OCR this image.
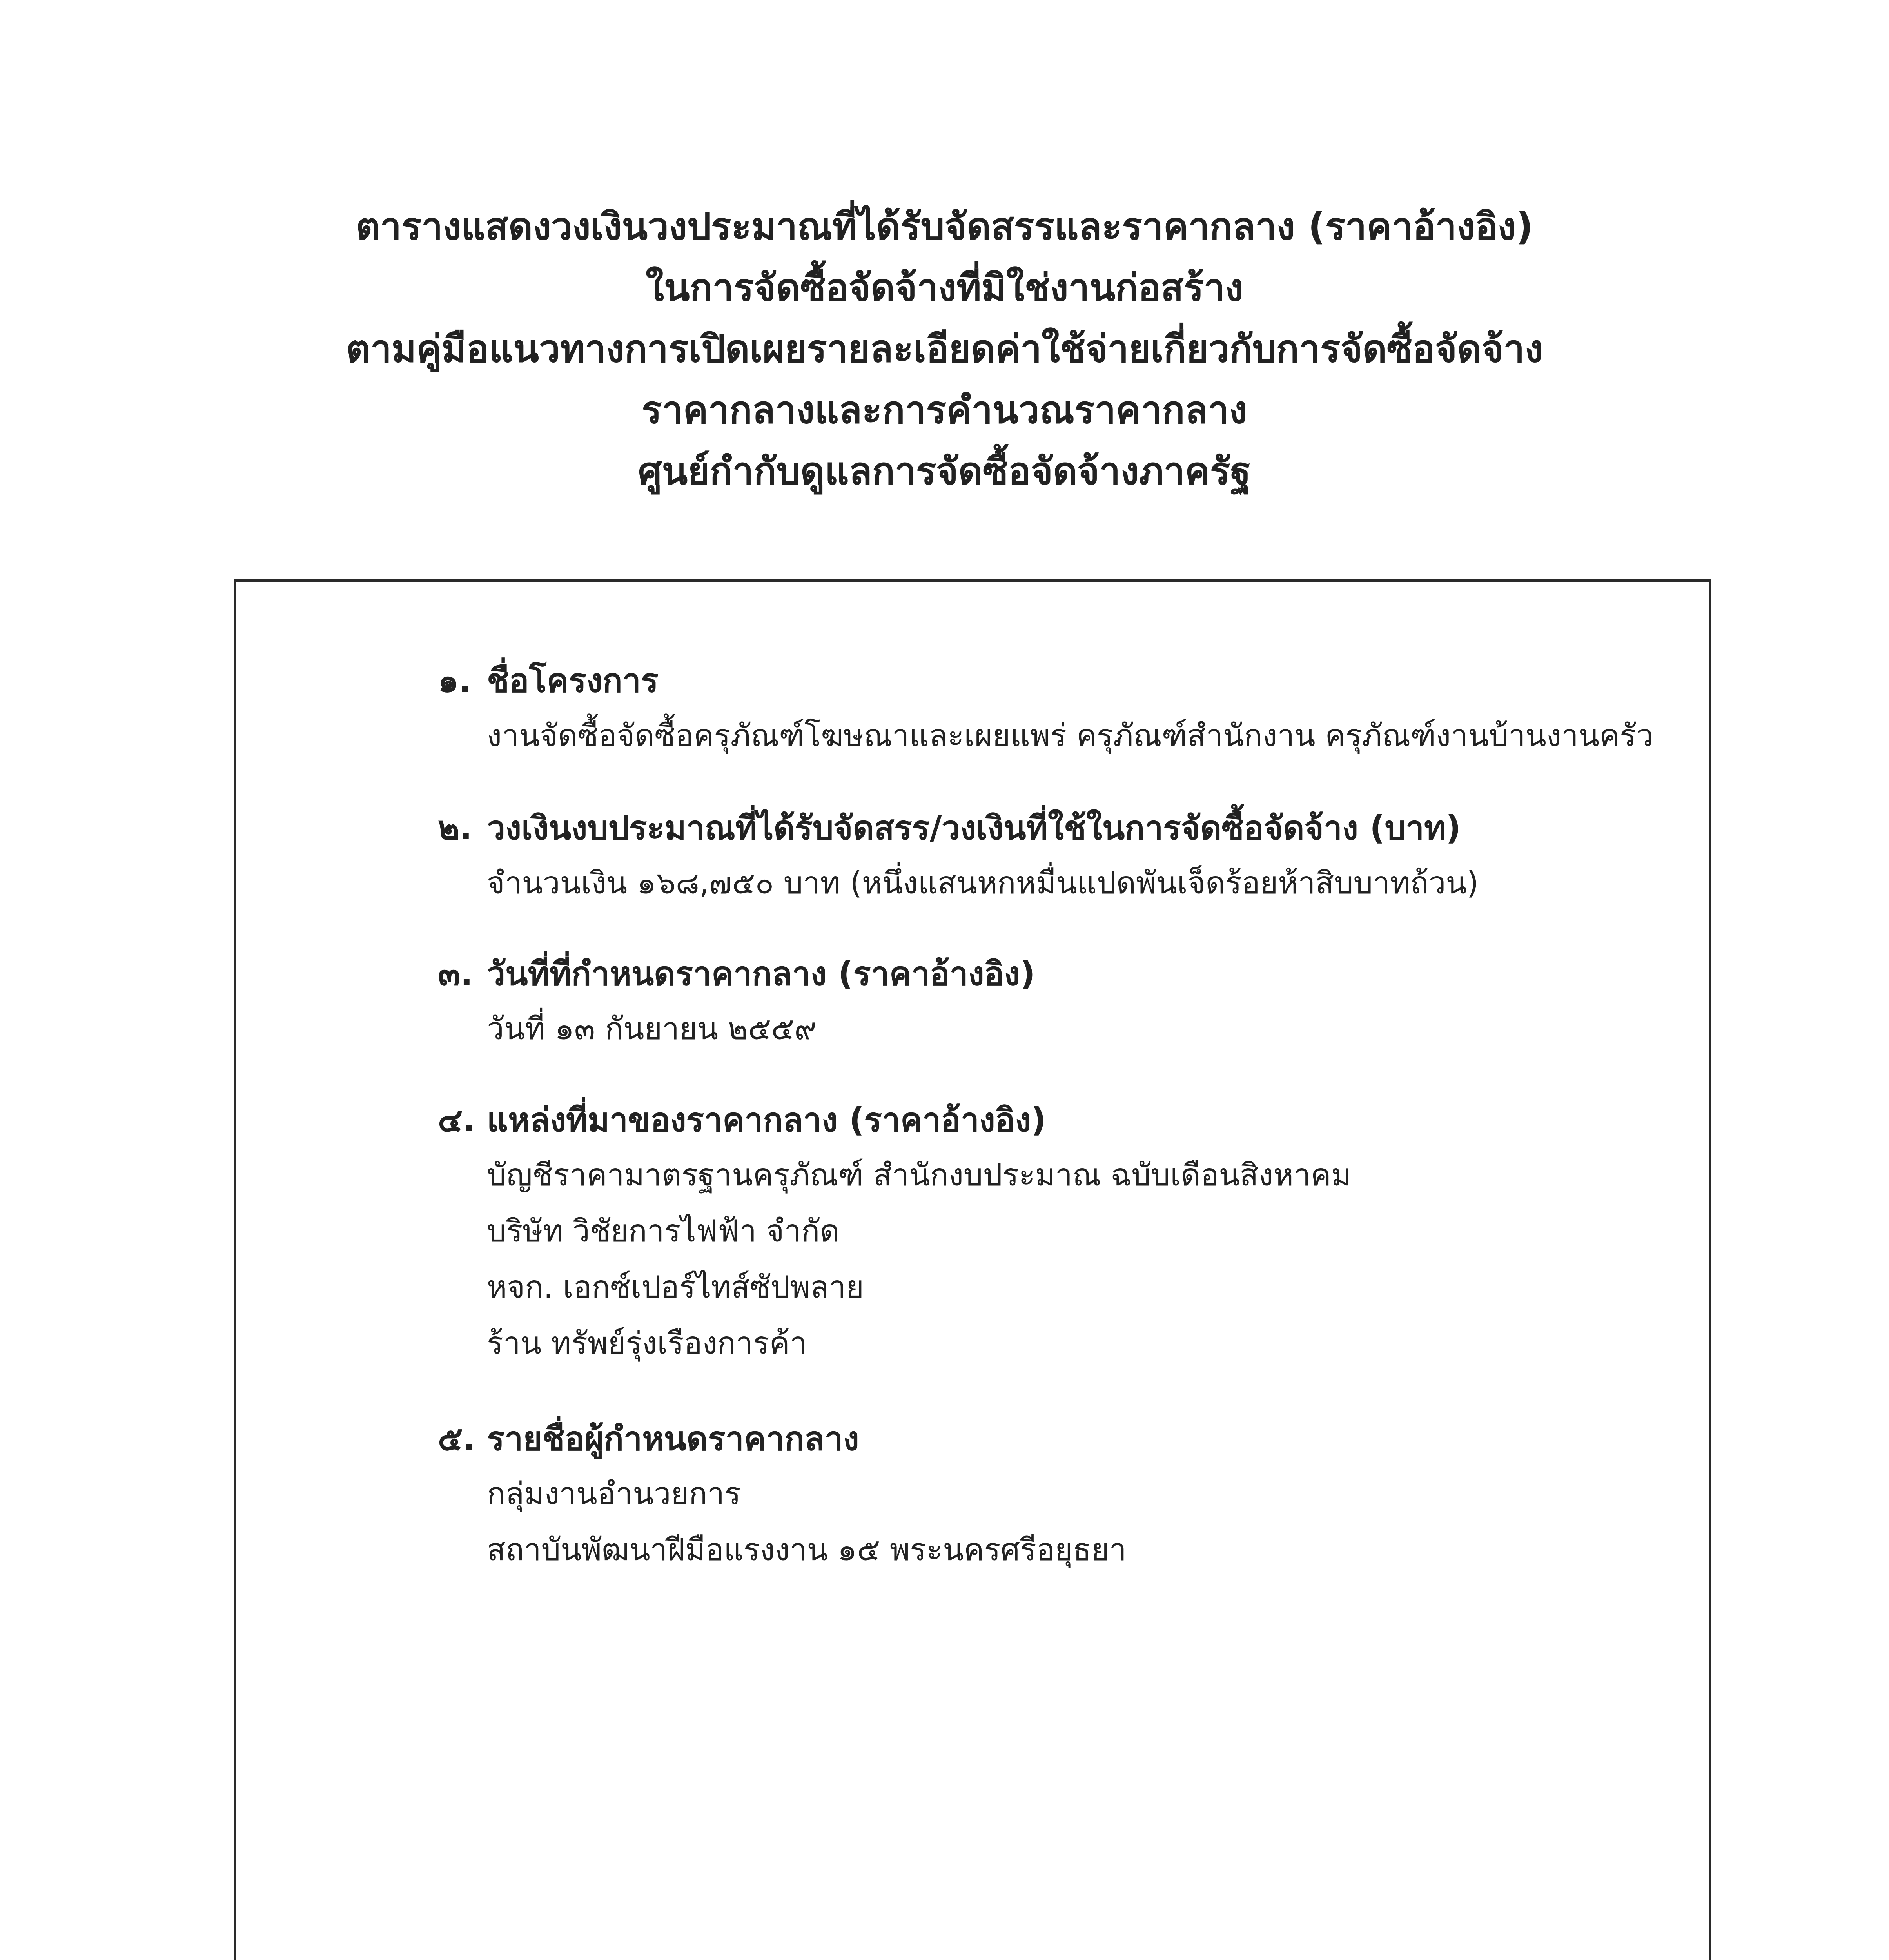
ตารางแสดงวงเงินวงประมาณที่ได้รับจัดสรรและราคากลาง (ราคาอ้างอิง)
ในการจัดซื้อจัดจ้างที่มิใช่งานก่อสร้าง
ตามคู่มือแนวทางการเปิดเผยรายละเอียดค่าใช้จ่ายเกี่ยวกับการจัดซื้อจัดจ้าง
ราคากลางและการคำนวณราคากลาง
ศูนย์กำกับดูแลการจัดซื้อจัดจ้างภาครัฐ
๑. ชื่อโครงการ
งานจัดซื้อจัดซื้อครุภัณฑ์โฆษณาและเผยแพร่ ครุภัณฑ์สำนักงาน ครุภัณฑ์งานบ้านงานครัว
๒. วงเงินงบประมาณที่ได้รับจัดสรร/วงเงินที่ใช้ในการจัดซื้อจัดจ้าง (บาท)
จำนวนเงิน ๑๖๘,๗๕๐ บาท (หนึ่งแสนหกหมื่นแปดพันเจ็ดร้อยห้าสิบบาทถ้วน)
๓. วันที่ที่กำหนดราคากลาง (ราคาอ้างอิง)
วันที่ ๑๓ กันยายน ๒๕๕๙
๔. แหล่งที่มาของราคากลาง (ราคาอ้างอิง)
บัญชีราคามาตรฐานครุภัณฑ์ สำนักงบประมาณ ฉบับเดือนสิงหาคม
บริษัท วิชัยการไฟฟ้า จำกัด
หจก. เอกซ์เปอร์ไทส์ซัปพลาย
ร้าน ทรัพย์รุ่งเรืองการค้า
๕. รายชื่อผู้กำหนดราคากลาง
กลุ่มงานอำนวยการ
สถาบันพัฒนาฝีมือแรงงาน ๑๕ พระนครศรีอยุธยา
